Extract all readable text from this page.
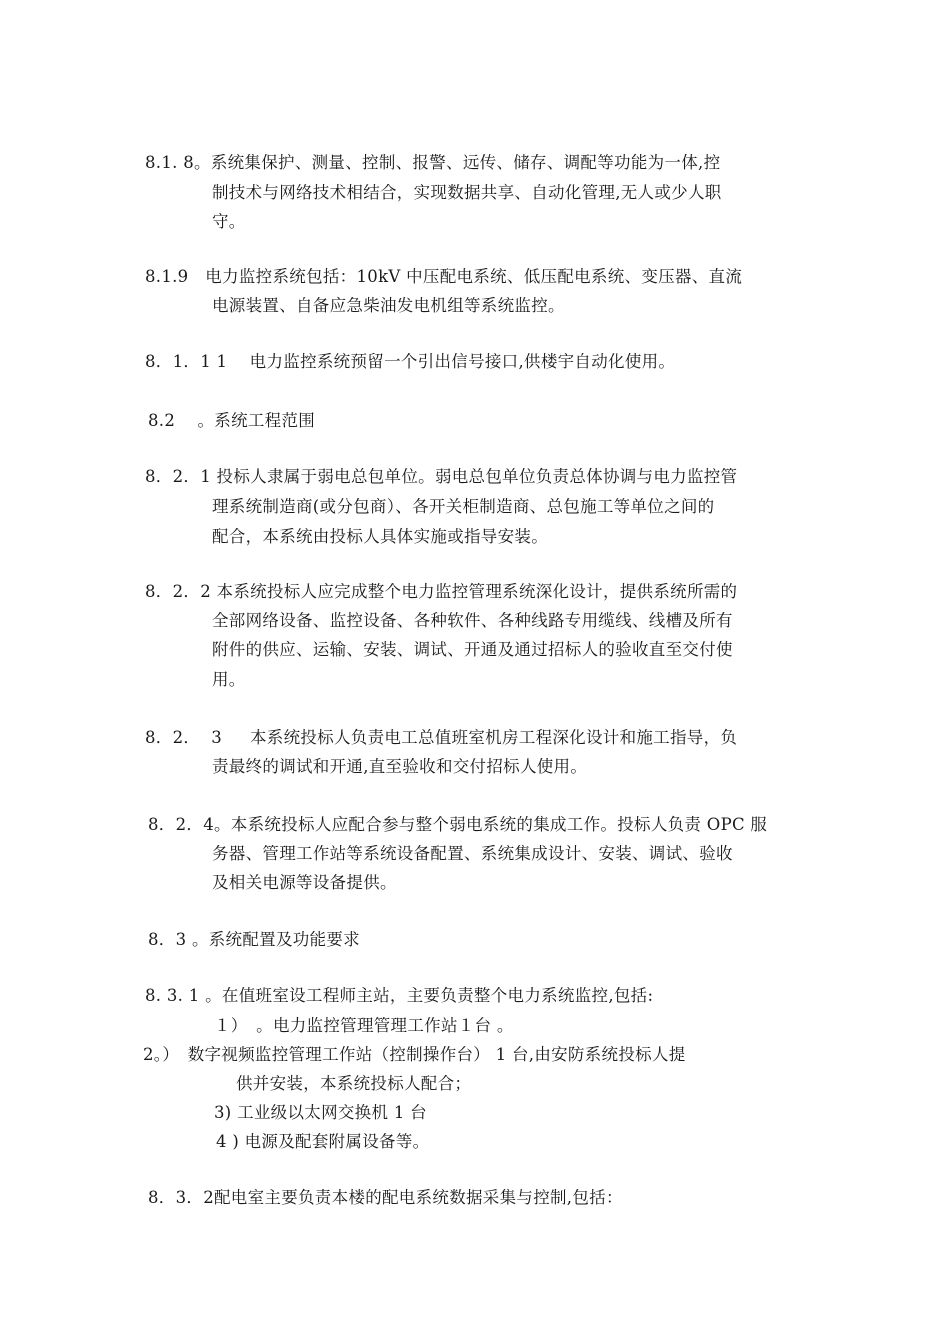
8.1. 8。系统集保护、测量、控制、报警、远传、储存、调配等功能为一体,控
制技术与网络技术相结合，实现数据共享、自动化管理,无人或少人职
守。
8.1.9　电力监控系统包括：10kV 中压配电系统、低压配电系统、变压器、直流
电源装置、自备应急柴油发电机组等系统监控。
8．1．1 1　 电力监控系统预留一个引出信号接口,供楼宇自动化使用。
8.2 　。系统工程范围
8．2．1 投标人隶属于弱电总包单位。弱电总包单位负责总体协调与电力监控管
理系统制造商(或分包商）、各开关柜制造商、总包施工等单位之间的
配合，本系统由投标人具体实施或指导安装。
8．2．2 本系统投标人应完成整个电力监控管理系统深化设计，提供系统所需的
全部网络设备、监控设备、各种软件、各种线路专用缆线、线槽及所有
附件的供应、运输、安装、调试、开通及通过招标人的验收直至交付使
用。
8．2．  3 　 本系统投标人负责电工总值班室机房工程深化设计和施工指导，负
责最终的调试和开通,直至验收和交付招标人使用。
8．2．4。本系统投标人应配合参与整个弱电系统的集成工作。投标人负责 OPC 服
务器、管理工作站等系统设备配置、系统集成设计、安装、调试、验收
及相关电源等设备提供。
8．3 。系统配置及功能要求
8. 3. 1 。在值班室设工程师主站，主要负责整个电力系统监控,包括:
１）　。电力监控管理管理工作站１台 。
2。）　数字视频监控管理工作站（控制操作台） 1 台,由安防系统投标人提
供并安装，本系统投标人配合；
3) 工业级以太网交换机 1 台
4 ) 电源及配套附属设备等。
8．3．2配电室主要负责本楼的配电系统数据采集与控制,包括：
